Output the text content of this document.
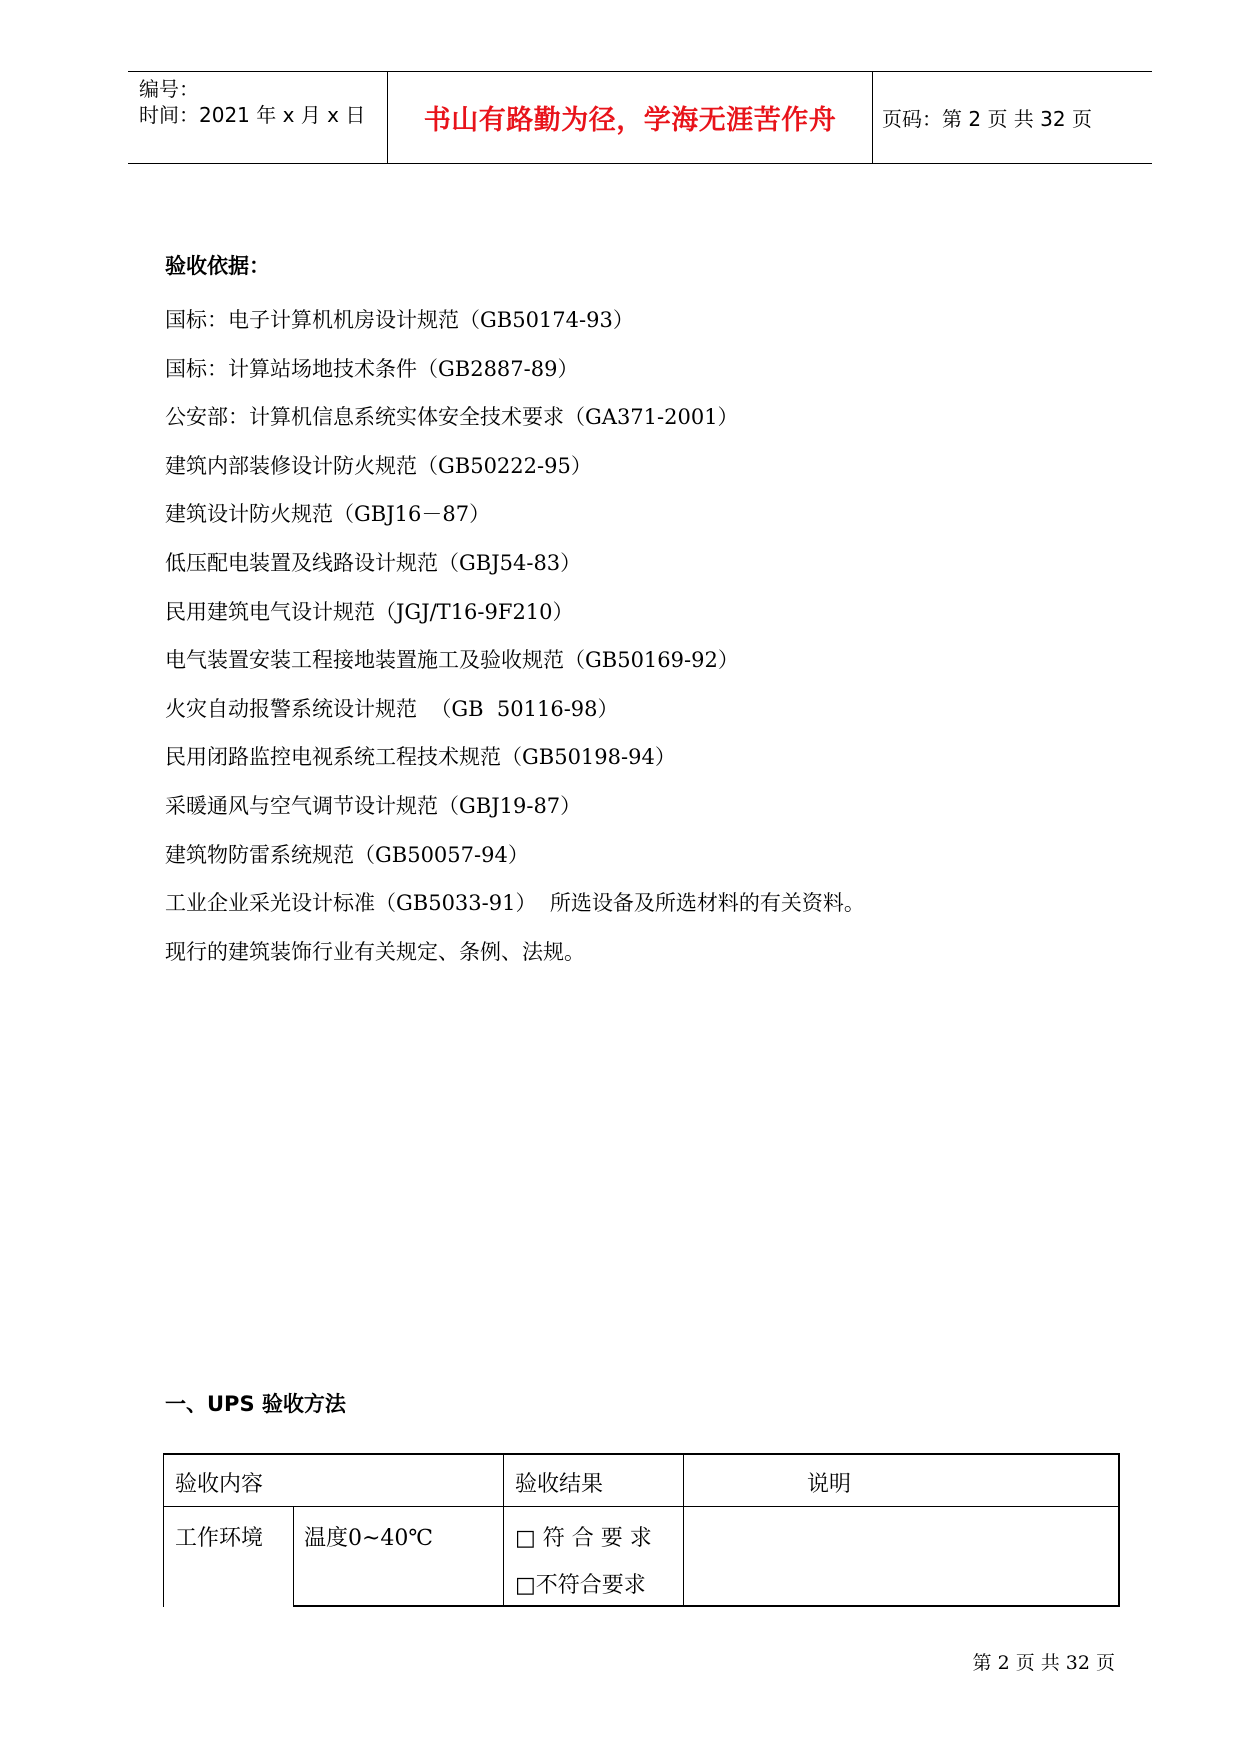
编号：
时间：2021 年 x 月 x 日	书山有路勤为径，学海无涯苦作舟	页码：第 2 页 共 32 页
验收依据：
国标：电子计算机机房设计规范（GB50174-93）
国标：计算站场地技术条件（GB2887-89）
公安部：计算机信息系统实体安全技术要求（GA371-2001）
建筑内部装修设计防火规范（GB50222-95）
建筑设计防火规范（GBJ16－87）
低压配电装置及线路设计规范（GBJ54-83）
民用建筑电气设计规范（JGJ/T16-9F210）
电气装置安装工程接地装置施工及验收规范（GB50169-92）
火灾自动报警系统设计规范  （GB  50116-98）
民用闭路监控电视系统工程技术规范（GB50198-94）
采暖通风与空气调节设计规范（GBJ19-87）
建筑物防雷系统规范（GB50057-94）
工业企业采光设计标准（GB5033-91）  所选设备及所选材料的有关资料。
现行的建筑装饰行业有关规定、条例、法规。
一、UPS 验收方法
验收内容	验收结果	说明
工作环境 温度0~40℃	□ 符 合 要 求
□不符合要求
第 2 页 共 32 页
